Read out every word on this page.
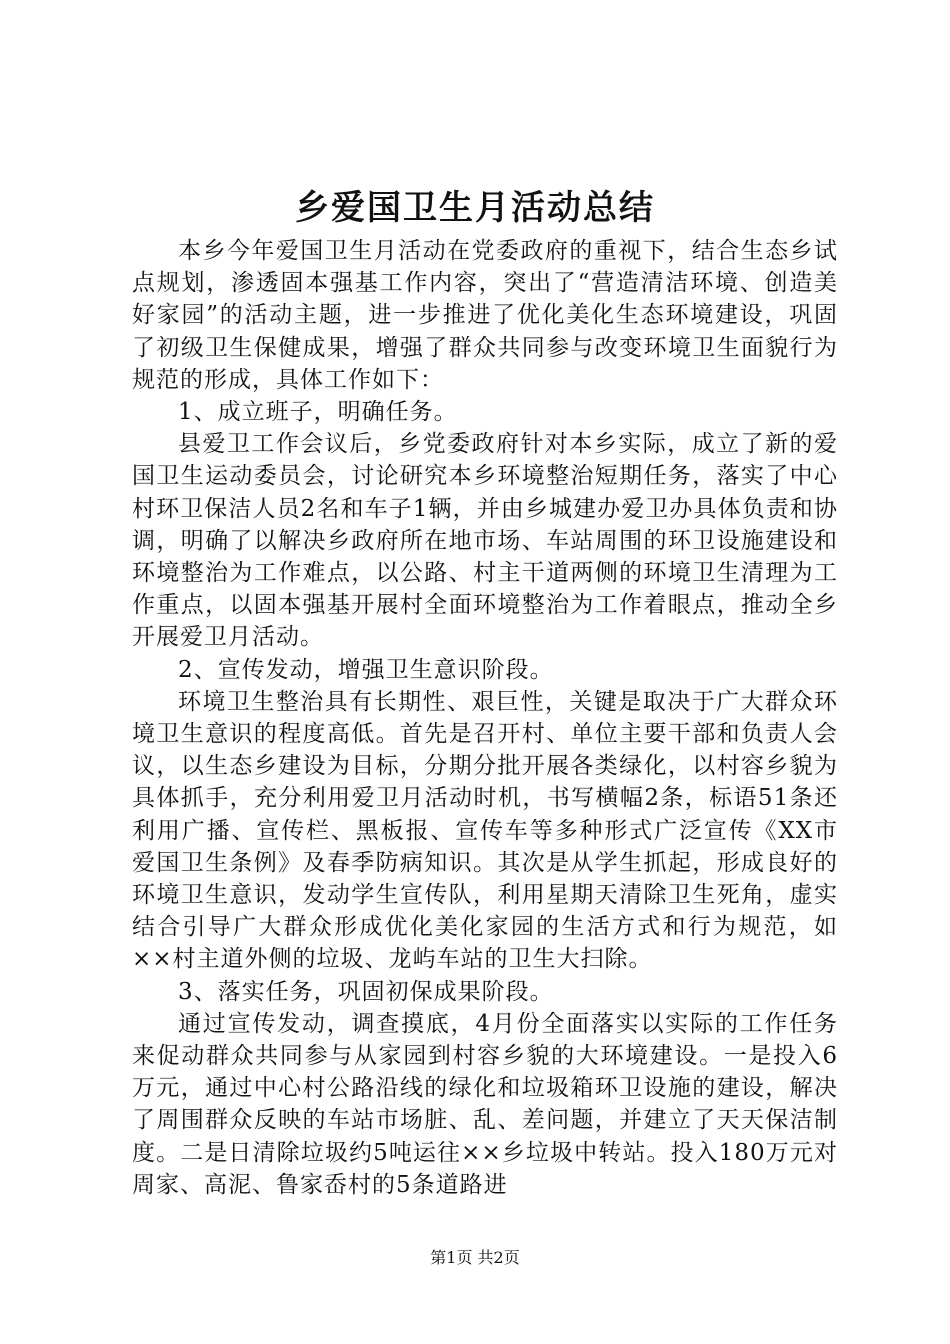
乡爱国卫生月活动总结

本乡今年爱国卫生月活动在党委政府的重视下，结合生态乡试点规划，渗透固本强基工作内容，突出了“营造清洁环境、创造美好家园”的活动主题，进一步推进了优化美化生态环境建设，巩固了初级卫生保健成果，增强了群众共同参与改变环境卫生面貌行为规范的形成，具体工作如下：

1、成立班子，明确任务。

县爱卫工作会议后，乡党委政府针对本乡实际，成立了新的爱国卫生运动委员会，讨论研究本乡环境整治短期任务，落实了中心村环卫保洁人员2名和车子1辆，并由乡城建办爱卫办具体负责和协调，明确了以解决乡政府所在地市场、车站周围的环卫设施建设和环境整治为工作难点，以公路、村主干道两侧的环境卫生清理为工作重点，以固本强基开展村全面环境整治为工作着眼点，推动全乡开展爱卫月活动。

2、宣传发动，增强卫生意识阶段。

环境卫生整治具有长期性、艰巨性，关键是取决于广大群众环境卫生意识的程度高低。首先是召开村、单位主要干部和负责人会议，以生态乡建设为目标，分期分批开展各类绿化，以村容乡貌为具体抓手，充分利用爱卫月活动时机，书写横幅2条，标语51条还利用广播、宣传栏、黑板报、宣传车等多种形式广泛宣传《XX市爱国卫生条例》及春季防病知识。其次是从学生抓起，形成良好的环境卫生意识，发动学生宣传队，利用星期天清除卫生死角，虚实结合引导广大群众形成优化美化家园的生活方式和行为规范，如××村主道外侧的垃圾、龙屿车站的卫生大扫除。

3、落实任务，巩固初保成果阶段。

通过宣传发动，调查摸底，4月份全面落实以实际的工作任务来促动群众共同参与从家园到村容乡貌的大环境建设。一是投入6万元，通过中心村公路沿线的绿化和垃圾箱环卫设施的建设，解决了周围群众反映的车站市场脏、乱、差问题，并建立了天天保洁制度。二是日清除垃圾约5吨运往××乡垃圾中转站。投入180万元对周家、高泥、鲁家岙村的5条道路进

第1页 共2页
